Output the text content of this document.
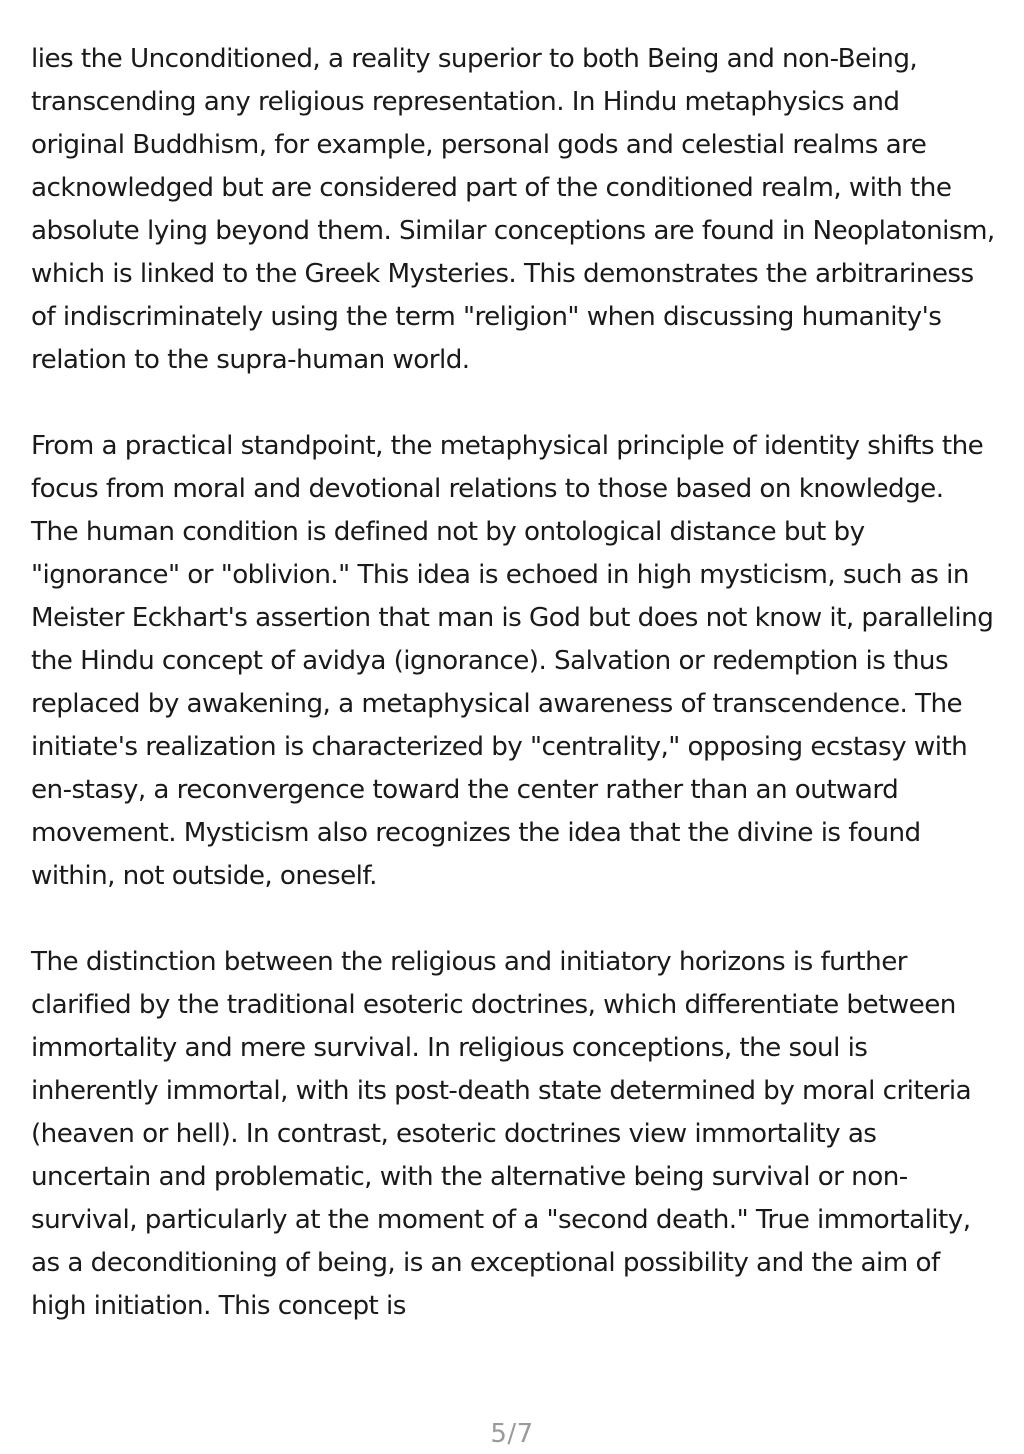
lies the Unconditioned, a reality superior to both Being and non-Being, transcending any religious representation. In Hindu metaphysics and original Buddhism, for example, personal gods and celestial realms are acknowledged but are considered part of the conditioned realm, with the absolute lying beyond them. Similar conceptions are found in Neoplatonism, which is linked to the Greek Mysteries. This demonstrates the arbitrariness of indiscriminately using the term "religion" when discussing humanity's relation to the supra-human world.

From a practical standpoint, the metaphysical principle of identity shifts the focus from moral and devotional relations to those based on knowledge. The human condition is defined not by ontological distance but by "ignorance" or "oblivion." This idea is echoed in high mysticism, such as in Meister Eckhart's assertion that man is God but does not know it, paralleling the Hindu concept of avidya (ignorance). Salvation or redemption is thus replaced by awakening, a metaphysical awareness of transcendence. The initiate's realization is characterized by "centrality," opposing ecstasy with en-stasy, a reconvergence toward the center rather than an outward movement. Mysticism also recognizes the idea that the divine is found within, not outside, oneself.

The distinction between the religious and initiatory horizons is further clarified by the traditional esoteric doctrines, which differentiate between immortality and mere survival. In religious conceptions, the soul is inherently immortal, with its post-death state determined by moral criteria (heaven or hell). In contrast, esoteric doctrines view immortality as uncertain and problematic, with the alternative being survival or non-survival, particularly at the moment of a "second death." True immortality, as a deconditioning of being, is an exceptional possibility and the aim of high initiation. This concept is

5/7
